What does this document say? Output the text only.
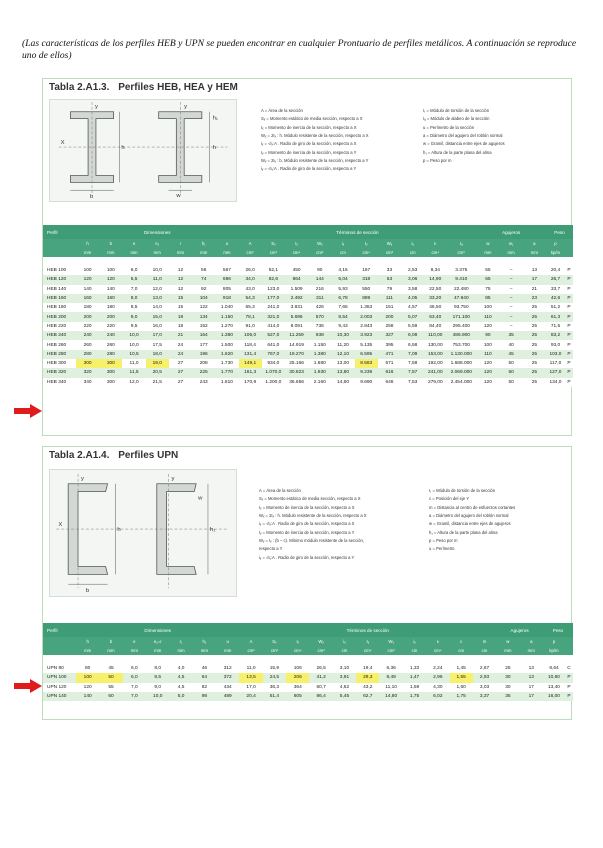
(Las características de los perfiles HEB y UPN se pueden encontrar en cualquier Prontuario de perfiles metálicos. A continuación se reproduce uno de ellos)
Tabla 2.A1.3. Perfiles HEB, HEA y HEM
b	w
h
h₁
h
y	y
X
A = Área de la sección
Sₓ = Momento estático de media sección, respecto a X
Iₓ = Momento de inercia de la sección, respecto a X
Wₓ = 2Iₓ : h. Módulo resistente de la sección, respecto a X
iₓ = √Iₓ:A . Radio de giro de la sección, respecto a X
Iᵧ = Momento de inercia de la sección, respecto a Y
Wᵧ = 2Iᵧ : b. Módulo resistente de la sección, respecto a Y
iᵧ = √Iᵧ:A . Radio de giro de la sección, respecto a Y
Iₜ = Módulo de torsión de la sección
Iₐ = Módulo de alabeo de la sección
u = Perímetro de la sección
a = Diámetro del agujero del roblón normal
w = Gramil, distancia entre ejes de agujeros
h₁ = Altura de la parte plana del alma
p = Peso por m
Perfil	Dimensiones							Términos de sección										Agujeros			Peso	
	h	b	e	e₁	r	h₁	u	A	Sₓ	Iₓ	Wₓ	iₓ	Iᵧ	Wᵧ	iᵧ	Iₜ	Iₐ	w	w₁	a	p	
	mm	mm	mm	mm	mm	mm	mm	cm²	cm³	cm⁴	cm³	cm	cm⁴	cm³	cm	cm⁴	cm⁶	mm	mm	mm	kp/m	

HEB 100	100	100	6,0	10,0	12	56	567	26,0	52,1	450	90	4,16	167	33	2,53	9,34	3.375	55	–	13	20,4	P
HEB 120	120	120	6,5	11,0	12	74	686	34,0	82,6	864	144	5,04	318	53	3,06	14,90	9.410	65	–	17	26,7	P
HEB 140	140	140	7,0	12,0	12	92	805	43,0	123,0	1.509	216	5,93	550	79	3,58	22,50	22.480	75	–	21	33,7	P
HEB 160	160	160	8,0	13,0	15	104	918	54,3	177,0	2.492	311	6,78	889	111	4,05	33,20	47.940	85	–	23	42,6	P
HEB 180	180	180	8,5	14,0	15	122	1.040	65,3	241,0	3.831	426	7,66	1.363	151	4,57	46,50	93.750	100	–	25	51,2	P
HEB 200	200	200	9,0	15,0	18	134	1.150	78,1	321,0	5.696	570	8,54	2.003	200	5,07	63,40	171.100	110	–	25	61,3	P
HEB 220	220	220	9,5	16,0	18	152	1.270	91,0	414,0	8.091	736	9,43	2.843	258	5,59	84,40	295.400	120	–	25	71,5	P
HEB 240	240	240	10,0	17,0	21	164	1.380	106,0	527,0	11.259	938	10,30	3.923	327	6,08	110,00	486.900	90	35	25	83,2	P
HEB 260	260	260	10,0	17,5	24	177	1.500	118,4	641,0	14.919	1.150	11,20	5.135	395	6,58	130,00	753.700	100	40	25	93,0	P
HEB 280	280	280	10,5	18,0	24	196	1.620	131,4	767,0	19.270	1.380	12,10	6.595	471	7,09	153,00	1.130.000	110	45	25	103,0	P
HEB 300	300	300	11,0	19,0	27	208	1.730	149,1	934,0	25.166	1.680	13,00	8.563	571	7,58	192,00	1.688.000	120	50	25	117,0	P
HEB 320	320	300	11,5	20,5	27	225	1.770	161,3	1.070,0	30.823	1.930	13,80	9.239	616	7,57	241,00	2.069.000	120	50	25	127,0	P
HEB 340	340	300	12,0	21,5	27	243	1.810	170,9	1.200,0	36.656	2.160	14,60	9.690	646	7,53	279,00	2.454.000	120	50	25	134,0	P
Tabla 2.A1.4. Perfiles UPN
b
h	h₁
y	y
X
w
A = Área de la sección
Sₓ = Momento estático de media sección, respecto a X
Iₓ = Momento de inercia de la sección, respecto a X
Wₓ = 2Iₓ : h. Módulo resistente de la sección, respecto a X
iₓ = √Iₓ:A . Radio de giro de la sección, respecto a X
Iᵧ = Momento de inercia de la sección, respecto a Y
Wᵧ = Iᵧ : (b – c). Mínimo módulo resistente de la sección,
respecto a Y
iᵧ = √Iᵧ:A . Radio de giro de la sección, respecto a Y
Iₜ = Módulo de torsión de la sección
c = Posición del eje Y
m = Distancia al centro de esfuerzos cortantes
a = Diámetro del agujero del roblón normal
w = Gramil, distancia entre ejes de agujeros
h₁ = Altura de la parte plana del alma
p = Peso por m
u = Perímetro
Perfil	Dimensiones							Términos de sección											Agujeros		Peso	
	h	b	e	e₁=r	r₁	h₁	u	A	Sₓ	Iₓ	Wₓ	iₓ	Iᵧ	Wᵧ	iᵧ	Iₜ	c	m	w	a	p	
	mm	mm	mm	mm	mm	mm	mm	cm²	cm³	cm⁴	cm³	cm	cm⁴	cm³	cm	cm⁴	cm	cm	mm	mm	kp/m	

UPN 80	80	45	6,0	8,0	4,0	46	312	11,0	15,9	106	26,5	3,10	19,4	6,36	1,33	2,24	1,45	2,67	25	13	8,64	C
UPN 100	100	50	6,0	8,5	4,5	64	372	13,5	24,5	206	41,2	3,91	29,3	8,49	1,47	2,96	1,55	2,93	30	13	10,60	P
UPN 120	120	55	7,0	9,0	4,5	82	434	17,0	36,3	364	60,7	4,62	43,2	11,10	1,59	4,30	1,60	3,03	30	17	13,40	P
UPN 140	140	60	7,0	10,0	5,0	98	489	20,4	51,4	605	86,4	5,45	62,7	14,80	1,75	6,02	1,75	3,37	35	17	16,00	P
